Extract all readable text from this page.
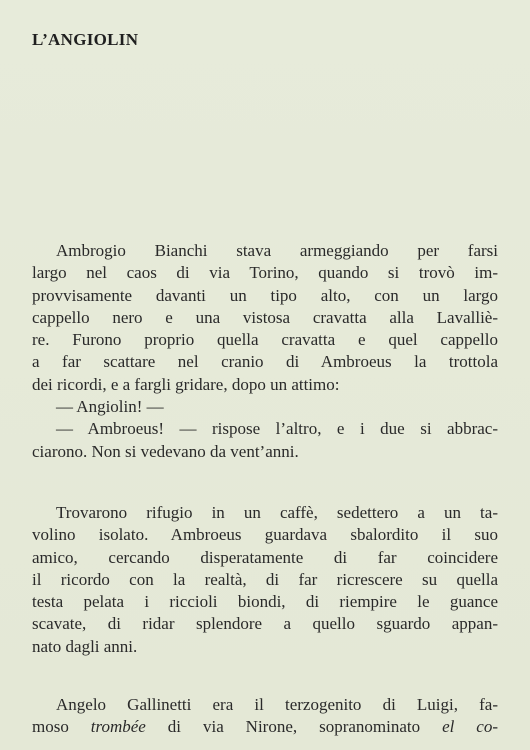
L’ANGIOLIN
Ambrogio Bianchi stava armeggiando per farsi
largo nel caos di via Torino, quando si trovò im-
provvisamente davanti un tipo alto, con un largo
cappello nero e una vistosa cravatta alla Lavalliè-
re. Furono proprio quella cravatta e quel cappello
a far scattare nel cranio di Ambroeus la trottola
dei ricordi, e a fargli gridare, dopo un attimo:
— Angiolin! —
— Ambroeus! — rispose l’altro, e i due si abbrac-
ciarono. Non si vedevano da vent’anni.
Trovarono rifugio in un caffè, sedettero a un ta-
volino isolato. Ambroeus guardava sbalordito il suo
amico, cercando disperatamente di far coincidere
il ricordo con la realtà, di far ricrescere su quella
testa pelata i riccioli biondi, di riempire le guance
scavate, di ridar splendore a quello sguardo appan-
nato dagli anni.
Angelo Gallinetti era il terzogenito di Luigi, fa-
moso trombée di via Nirone, sopranominato el co-
